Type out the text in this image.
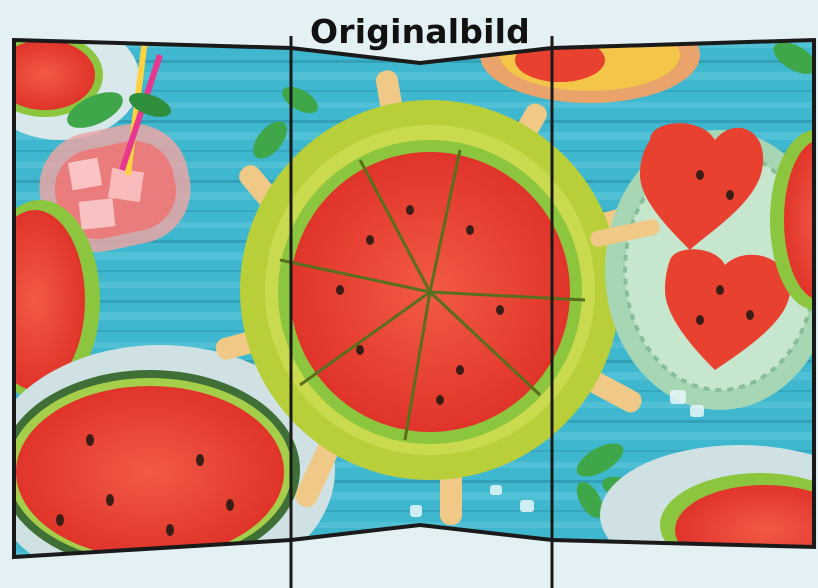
Originalbild
